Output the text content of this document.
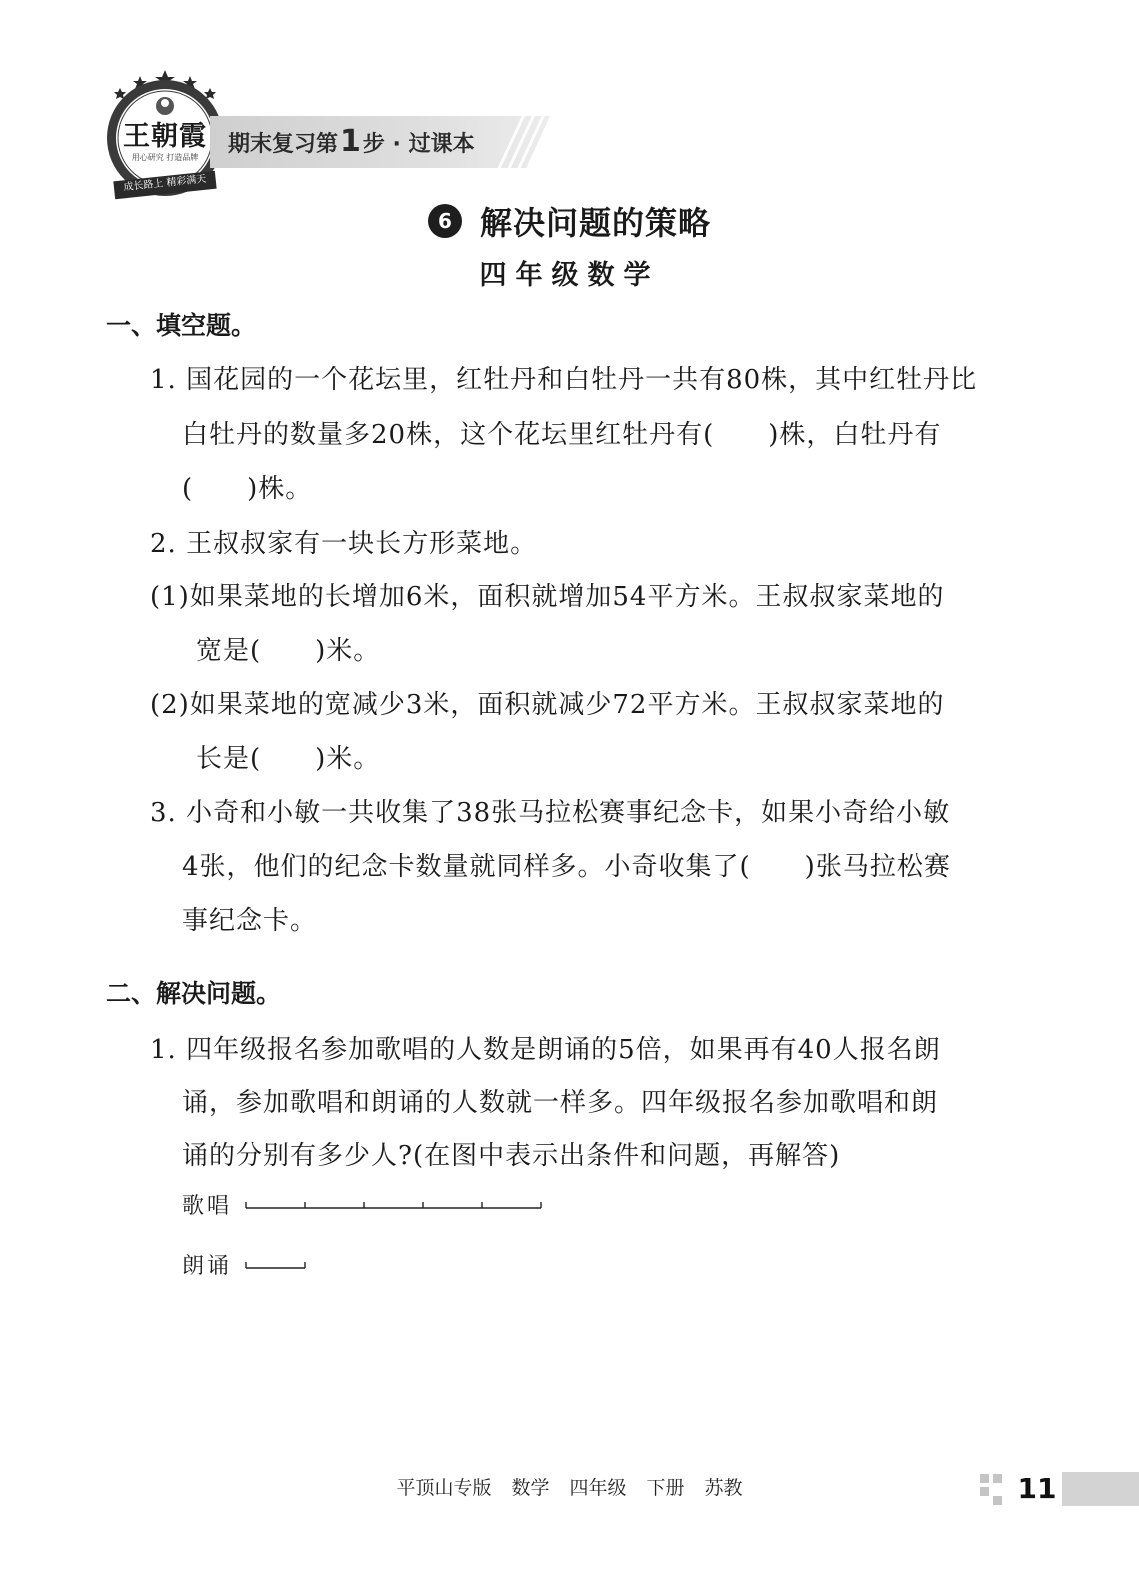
王朝霞
用心研究 打造品牌
成长路上 精彩满天
期末复习第1步 · 过课本
6 解决问题的策略
四年级数学
一、填空题。
1. 国花园的一个花坛里，红牡丹和白牡丹一共有80株，其中红牡丹比
白牡丹的数量多20株，这个花坛里红牡丹有(　　)株，白牡丹有
(　　)株。
2. 王叔叔家有一块长方形菜地。
(1)如果菜地的长增加6米，面积就增加54平方米。王叔叔家菜地的
宽是(　　)米。
(2)如果菜地的宽减少3米，面积就减少72平方米。王叔叔家菜地的
长是(　　)米。
3. 小奇和小敏一共收集了38张马拉松赛事纪念卡，如果小奇给小敏
4张，他们的纪念卡数量就同样多。小奇收集了(　　)张马拉松赛
事纪念卡。
二、解决问题。
1. 四年级报名参加歌唱的人数是朗诵的5倍，如果再有40人报名朗
诵，参加歌唱和朗诵的人数就一样多。四年级报名参加歌唱和朗
诵的分别有多少人?(在图中表示出条件和问题，再解答)
歌唱
朗诵
平顶山专版 数学 四年级 下册 苏教	11
